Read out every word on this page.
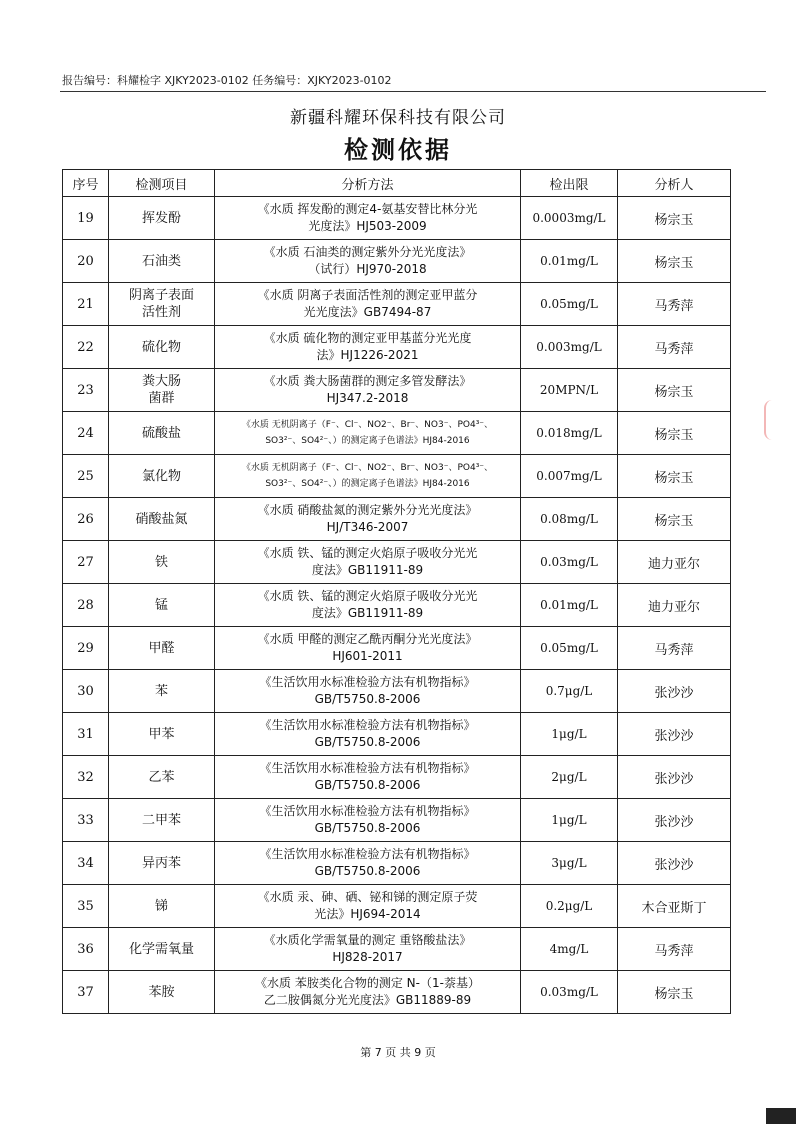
报告编号：科耀检字 XJKY2023-0102 任务编号：XJKY2023-0102
新疆科耀环保科技有限公司
检测依据
序号	检测项目	分析方法	检出限	分析人
19	挥发酚	《水质 挥发酚的测定4-氨基安替比林分光
光度法》HJ503-2009	0.0003mg/L	杨宗玉
20	石油类	《水质 石油类的测定紫外分光光度法》
（试行）HJ970-2018	0.01mg/L	杨宗玉
21	阴离子表面
活性剂	《水质 阴离子表面活性剂的测定亚甲蓝分
光光度法》GB7494-87	0.05mg/L	马秀萍
22	硫化物	《水质 硫化物的测定亚甲基蓝分光光度
法》HJ1226-2021	0.003mg/L	马秀萍
23	粪大肠
菌群	《水质 粪大肠菌群的测定多管发酵法》
HJ347.2-2018	20MPN/L	杨宗玉
24	硫酸盐	《水质 无机阴离子（F⁻、Cl⁻、NO2⁻、Br⁻、NO3⁻、PO4³⁻、
SO3²⁻、SO4²⁻、）的测定离子色谱法》HJ84-2016	0.018mg/L	杨宗玉
25	氯化物	《水质 无机阴离子（F⁻、Cl⁻、NO2⁻、Br⁻、NO3⁻、PO4³⁻、
SO3²⁻、SO4²⁻、）的测定离子色谱法》HJ84-2016	0.007mg/L	杨宗玉
26	硝酸盐氮	《水质 硝酸盐氮的测定紫外分光光度法》
HJ/T346-2007	0.08mg/L	杨宗玉
27	铁	《水质 铁、锰的测定火焰原子吸收分光光
度法》GB11911-89	0.03mg/L	迪力亚尔
28	锰	《水质 铁、锰的测定火焰原子吸收分光光
度法》GB11911-89	0.01mg/L	迪力亚尔
29	甲醛	《水质 甲醛的测定乙酰丙酮分光光度法》
HJ601-2011	0.05mg/L	马秀萍
30	苯	《生活饮用水标准检验方法有机物指标》
GB/T5750.8-2006	0.7μg/L	张沙沙
31	甲苯	《生活饮用水标准检验方法有机物指标》
GB/T5750.8-2006	1μg/L	张沙沙
32	乙苯	《生活饮用水标准检验方法有机物指标》
GB/T5750.8-2006	2μg/L	张沙沙
33	二甲苯	《生活饮用水标准检验方法有机物指标》
GB/T5750.8-2006	1μg/L	张沙沙
34	异丙苯	《生活饮用水标准检验方法有机物指标》
GB/T5750.8-2006	3μg/L	张沙沙
35	锑	《水质 汞、砷、硒、铋和锑的测定原子荧
光法》HJ694-2014	0.2μg/L	木合亚斯丁
36	化学需氧量	《水质化学需氧量的测定 重铬酸盐法》
HJ828-2017	4mg/L	马秀萍
37	苯胺	《水质 苯胺类化合物的测定 N-（1-萘基）
乙二胺偶氮分光光度法》GB11889-89	0.03mg/L	杨宗玉
第 7 页 共 9 页
